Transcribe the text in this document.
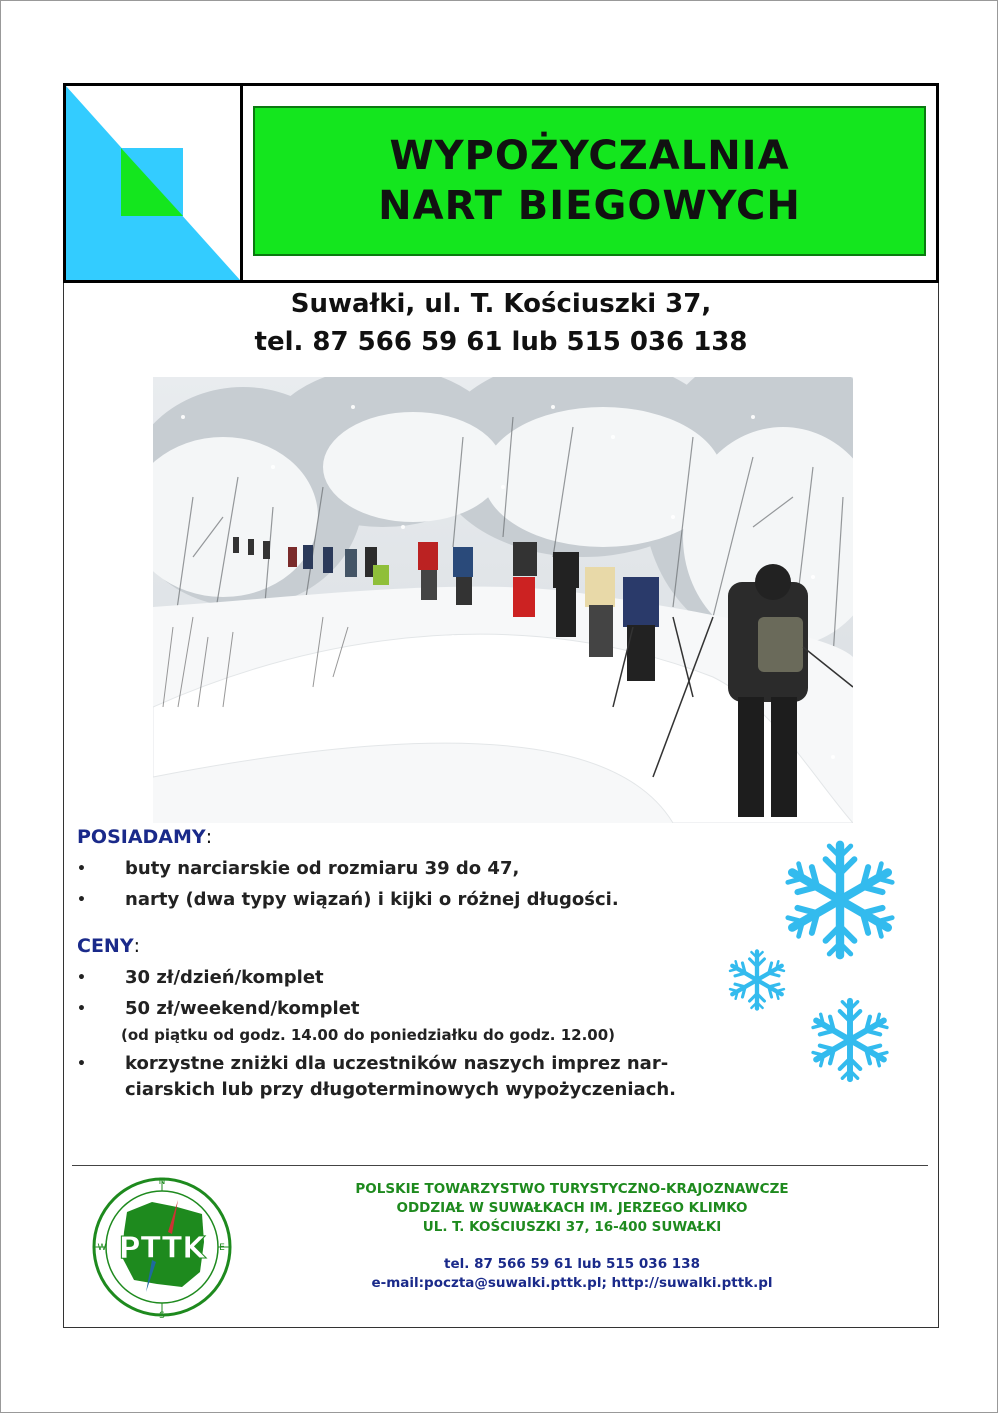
WYPOŻYCZALNIA
NART BIEGOWYCH
Suwałki, ul. T. Kościuszki 37,
tel. 87 566 59 61 lub 515 036 138
POSIADAMY:
• buty narciarskie od rozmiaru 39 do 47,
• narty (dwa typy wiązań) i kijki o różnej długości.
CENY:
• 30 zł/dzień/komplet
• 50 zł/weekend/komplet
(od piątku od godz. 14.00 do poniedziałku do godz. 12.00)
• korzystne zniżki dla uczestników naszych imprez nar-ciarskich lub przy długoterminowych wypożyczeniach.
PTTK
N
S
E
W
POLSKIE TOWARZYSTWO TURYSTYCZNO-KRAJOZNAWCZE
ODDZIAŁ W SUWAŁKACH IM. JERZEGO KLIMKO
UL. T. KOŚCIUSZKI 37, 16-400 SUWAŁKI
tel. 87 566 59 61 lub 515 036 138
e-mail:poczta@suwalki.pttk.pl; http://suwalki.pttk.pl
